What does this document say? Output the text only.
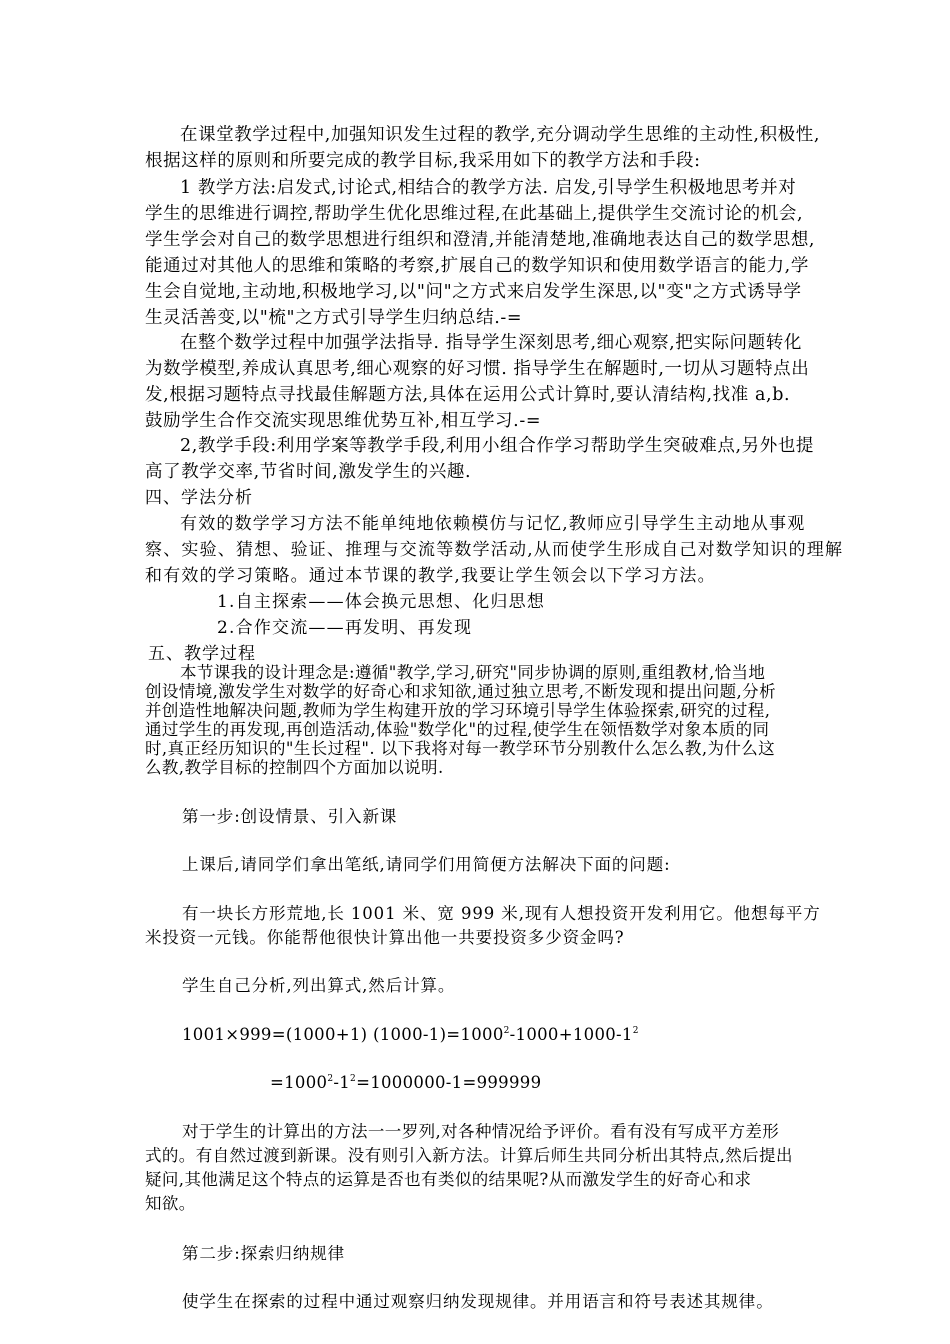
在课堂教学过程中,加强知识发生过程的教学,充分调动学生思维的主动性,积极性,

根据这样的原则和所要完成的教学目标,我采用如下的教学方法和手段:

1 教学方法:启发式,讨论式,相结合的教学方法. 启发,引导学生积极地思考并对

学生的思维进行调控,帮助学生优化思维过程,在此基础上,提供学生交流讨论的机会,

学生学会对自己的数学思想进行组织和澄清,并能清楚地,准确地表达自己的数学思想,

能通过对其他人的思维和策略的考察,扩展自己的数学知识和使用数学语言的能力,学

生会自觉地,主动地,积极地学习,以"问"之方式来启发学生深思,以"变"之方式诱导学

生灵活善变,以"梳"之方式引导学生归纳总结.-=

在整个数学过程中加强学法指导. 指导学生深刻思考,细心观察,把实际问题转化

为数学模型,养成认真思考,细心观察的好习惯. 指导学生在解题时,一切从习题特点出

发,根据习题特点寻找最佳解题方法,具体在运用公式计算时,要认清结构,找准 a,b.

鼓励学生合作交流实现思维优势互补,相互学习.-=

2,教学手段:利用学案等教学手段,利用小组合作学习帮助学生突破难点,另外也提

高了教学交率,节省时间,激发学生的兴趣.

四、学法分析

有效的数学学习方法不能单纯地依赖模仿与记忆,教师应引导学生主动地从事观

察、实验、猜想、验证、推理与交流等数学活动,从而使学生形成自己对数学知识的理解

和有效的学习策略。通过本节课的教学,我要让学生领会以下学习方法。

1.自主探索——体会换元思想、化归思想

2.合作交流——再发明、再发现

五、教学过程

本节课我的设计理念是:遵循"教学,学习,研究"同步协调的原则,重组教材,恰当地

创设情境,激发学生对数学的好奇心和求知欲,通过独立思考,不断发现和提出问题,分析

并创造性地解决问题,教师为学生构建开放的学习环境引导学生体验探索,研究的过程,

通过学生的再发现,再创造活动,体验"数学化"的过程,使学生在领悟数学对象本质的同

时,真正经历知识的"生长过程". 以下我将对每一教学环节分别教什么怎么教,为什么这

么教,教学目标的控制四个方面加以说明.

第一步:创设情景、引入新课

上课后,请同学们拿出笔纸,请同学们用简便方法解决下面的问题:

有一块长方形荒地,长 1001 米、宽 999 米,现有人想投资开发利用它。他想每平方

米投资一元钱。你能帮他很快计算出他一共要投资多少资金吗?

学生自己分析,列出算式,然后计算。

1001×999=(1000+1) $(1000-1)=1000^2-1000+1000-1^2$

$=1000^2-1^2=1000000-1=999999$

对于学生的计算出的方法一一罗列,对各种情况给予评价。看有没有写成平方差形

式的。有自然过渡到新课。没有则引入新方法。计算后师生共同分析出其特点,然后提出

疑问,其他满足这个特点的运算是否也有类似的结果呢?从而激发学生的好奇心和求

知欲。

第二步:探索归纳规律

使学生在探索的过程中通过观察归纳发现规律。并用语言和符号表述其规律。
